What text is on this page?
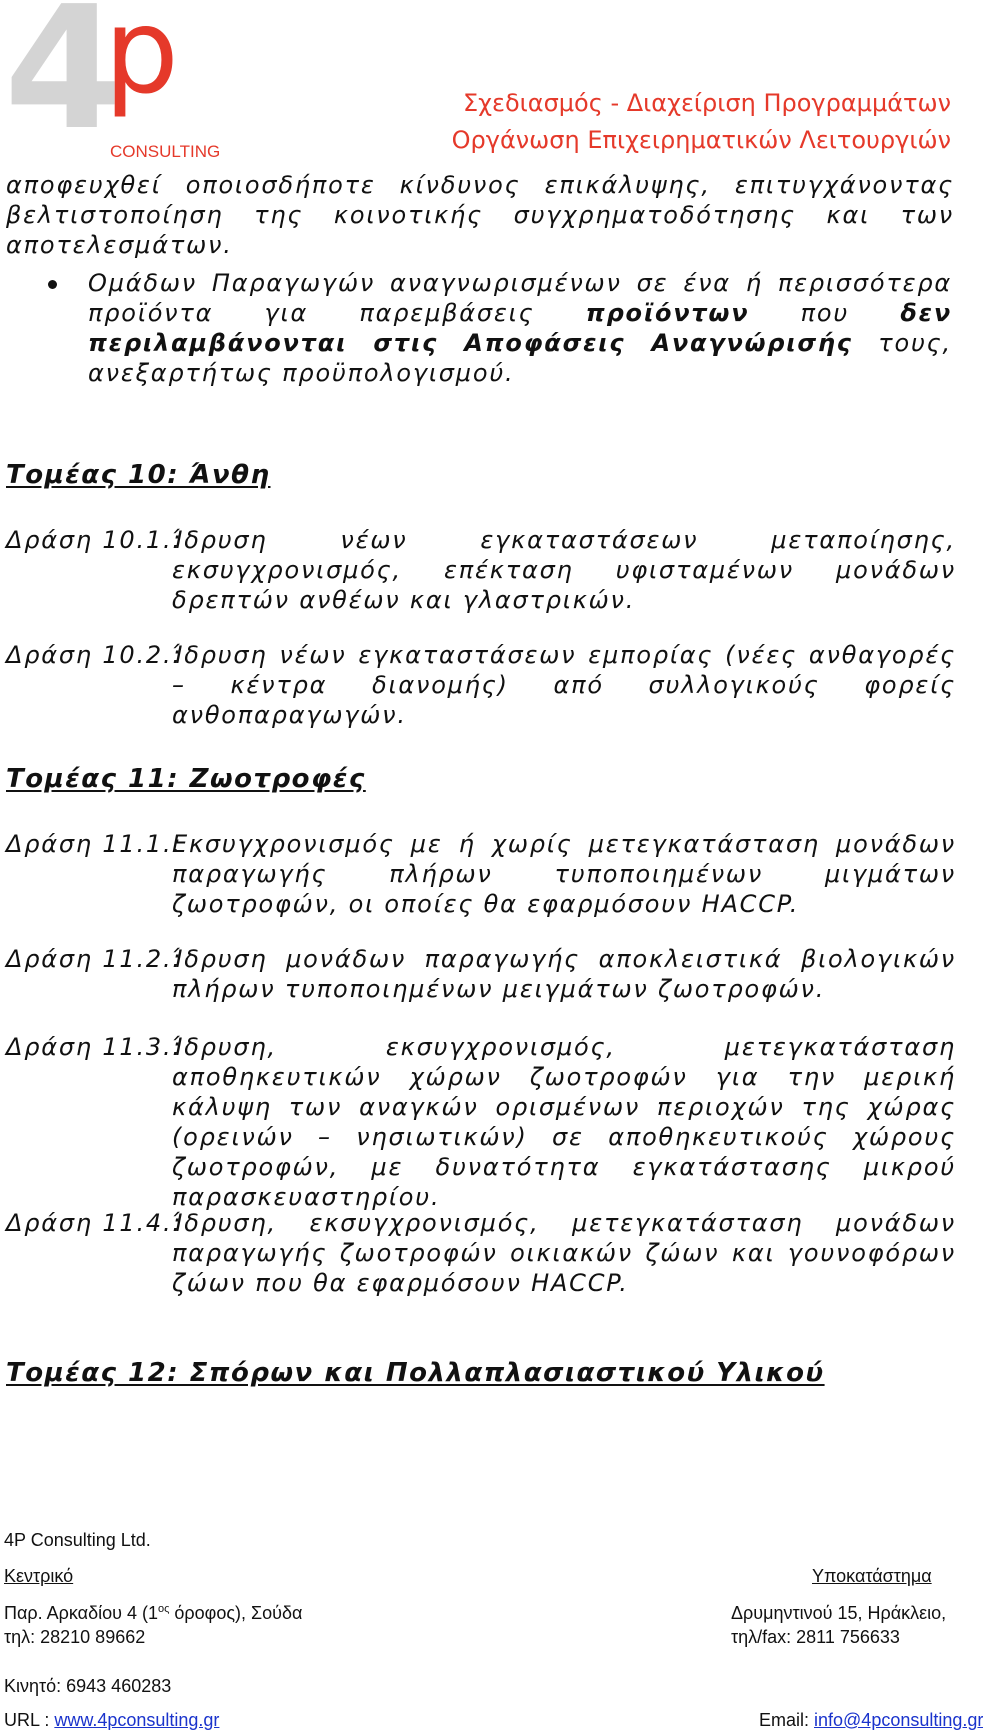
4
p
CONSULTING
Σχεδιασμός - Διαχείριση Προγραμμάτων
Οργάνωση Επιχειρηματικών Λειτουργιών
αποφευχθεί οποιοσδήποτε κίνδυνος επικάλυψης, επιτυγχάνοντας βελτιστοποίηση της κοινοτικής συγχρηματοδότησης και των αποτελεσμάτων.
Ομάδων Παραγωγών αναγνωρισμένων σε ένα ή περισσότερα προϊόντα για παρεμβάσεις προϊόντων που δεν περιλαμβάνονται στις Αποφάσεις Αναγνώρισής τους, ανεξαρτήτως προϋπολογισμού.
Τομέας 10: Άνθη
Δράση 10.1.:
Ίδρυση νέων εγκαταστάσεων μεταποίησης, εκσυγχρονισμός, επέκταση υφισταμένων μονάδων δρεπτών ανθέων και γλαστρικών.
Δράση 10.2.:
Ίδρυση νέων εγκαταστάσεων εμπορίας (νέες ανθαγορές – κέντρα διανομής) από συλλογικούς φορείς ανθοπαραγωγών.
Τομέας 11: Ζωοτροφές
Δράση 11.1.:
Εκσυγχρονισμός με ή χωρίς μετεγκατάσταση μονάδων παραγωγής πλήρων τυποποιημένων μιγμάτων ζωοτροφών, οι οποίες θα εφαρμόσουν HACCP.
Δράση 11.2.:
Ίδρυση μονάδων παραγωγής αποκλειστικά βιολογικών πλήρων τυποποιημένων μειγμάτων ζωοτροφών.
Δράση 11.3.:
Ίδρυση, εκσυγχρονισμός, μετεγκατάσταση αποθηκευτικών χώρων ζωοτροφών για την μερική κάλυψη των αναγκών ορισμένων περιοχών της χώρας (ορεινών – νησιωτικών) σε αποθηκευτικούς χώρους ζωοτροφών, με δυνατότητα εγκατάστασης μικρού παρασκευαστηρίου.
Δράση 11.4.:
Ίδρυση, εκσυγχρονισμός, μετεγκατάσταση μονάδων παραγωγής ζωοτροφών οικιακών ζώων και γουνοφόρων ζώων που θα εφαρμόσουν HACCP.
Τομέας 12: Σπόρων και Πολλαπλασιαστικού Υλικού
4P Consulting Ltd.
Κεντρικό	Υποκατάστημα
Παρ. Αρκαδίου 4 ($1^{o\varsigma}$ όροφος), Σούδα	Δρυμηντινού 15, Ηράκλειο,
τηλ: 28210 89662	τηλ/fax: 2811 756633
Κινητό: 6943 460283
URL : www.4pconsulting.gr	Email: info@4pconsulting.gr
